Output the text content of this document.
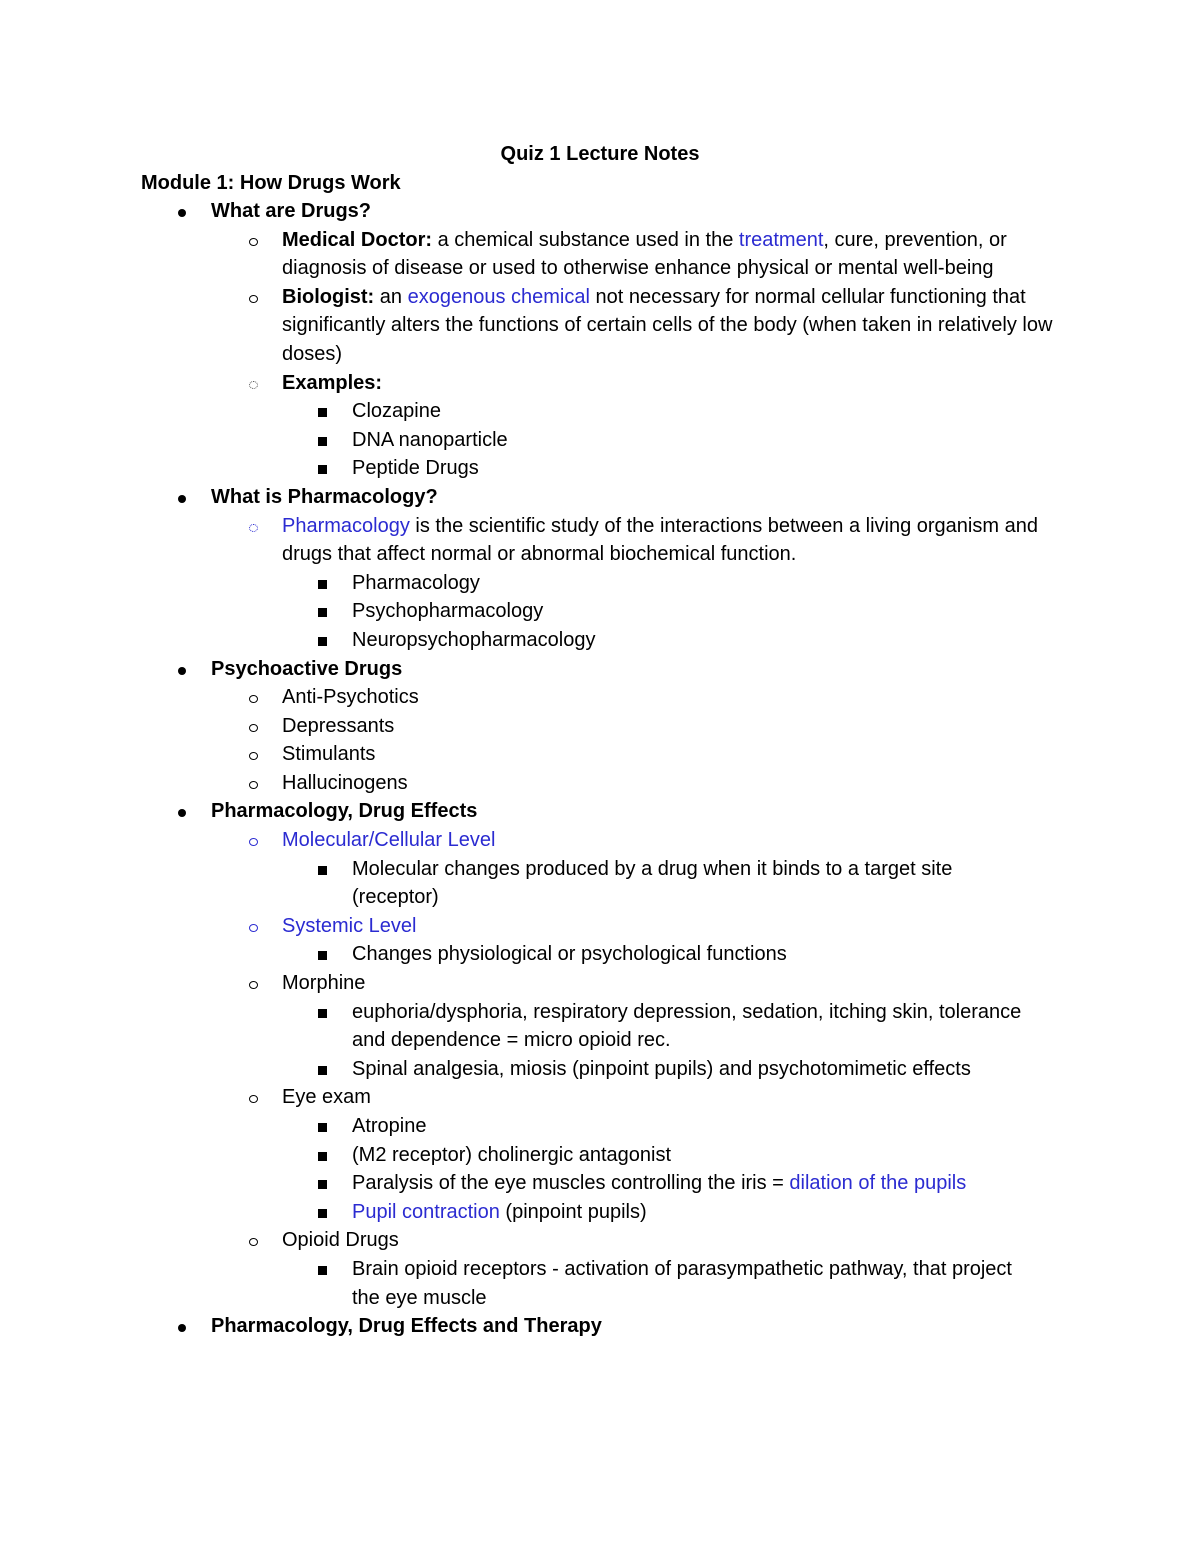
Quiz 1 Lecture Notes
Module 1: How Drugs Work
What are Drugs?
Medical Doctor: a chemical substance used in the treatment, cure, prevention, or diagnosis of disease or used to otherwise enhance physical or mental well-being
Biologist: an exogenous chemical not necessary for normal cellular functioning that significantly alters the functions of certain cells of the body (when taken in relatively low doses)
Examples:
Clozapine
DNA nanoparticle
Peptide Drugs
What is Pharmacology?
Pharmacology is the scientific study of the interactions between a living organism and drugs that affect normal or abnormal biochemical function.
Pharmacology
Psychopharmacology
Neuropsychopharmacology
Psychoactive Drugs
Anti-Psychotics
Depressants
Stimulants
Hallucinogens
Pharmacology, Drug Effects
Molecular/Cellular Level
Molecular changes produced by a drug when it binds to a target site (receptor)
Systemic Level
Changes physiological or psychological functions
Morphine
euphoria/dysphoria, respiratory depression, sedation, itching skin, tolerance and dependence = micro opioid rec.
Spinal analgesia, miosis (pinpoint pupils) and psychotomimetic effects
Eye exam
Atropine
(M2 receptor) cholinergic antagonist
Paralysis of the eye muscles controlling the iris = dilation of the pupils
Pupil contraction (pinpoint pupils)
Opioid Drugs
Brain opioid receptors - activation of parasympathetic pathway, that project the eye muscle
Pharmacology, Drug Effects and Therapy
